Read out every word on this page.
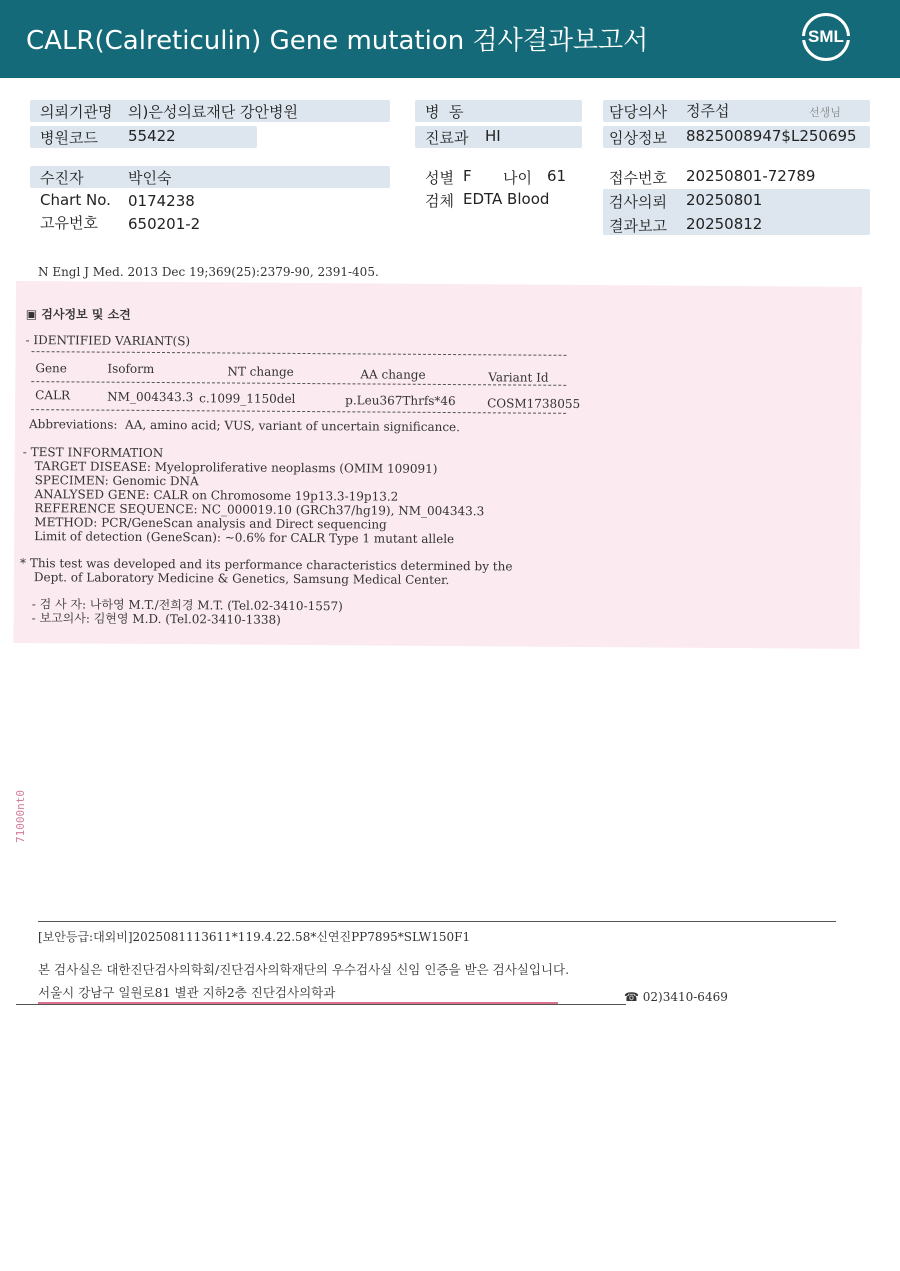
CALR(Calreticulin) Gene mutation 검사결과보고서	SML
의뢰기관명 의)은성의료재단 강안병원
병원코드 55422
병  동
진료과 HI
담당의사 정주섭	선생님
임상정보 8825008947$L250695
수진자	박인숙
Chart No. 0174238
고유번호 650201-2
성별 F 나이 61
검체 EDTA Blood
접수번호 20250801-72789
검사의뢰 20250801
결과보고 20250812
N Engl J Med. 2013 Dec 19;369(25):2379-90, 2391-405.
▣ 검사정보 및 소견
- IDENTIFIED VARIANT(S)
Gene	Isoform	NT change	AA change	Variant Id
CALR	NM_004343.3 c.1099_1150del	p.Leu367Thrfs*46	COSM1738055
Abbreviations:  AA, amino acid; VUS, variant of uncertain significance.
- TEST INFORMATION
TARGET DISEASE: Myeloproliferative neoplasms (OMIM 109091)
SPECIMEN: Genomic DNA
ANALYSED GENE: CALR on Chromosome 19p13.3-19p13.2
REFERENCE SEQUENCE: NC_000019.10 (GRCh37/hg19), NM_004343.3
METHOD: PCR/GeneScan analysis and Direct sequencing
Limit of detection (GeneScan): ~0.6% for CALR Type 1 mutant allele
* This test was developed and its performance characteristics determined by the
Dept. of Laboratory Medicine & Genetics, Samsung Medical Center.
- 검 사 자: 나하영 M.T./전희경 M.T. (Tel.02-3410-1557)
- 보고의사: 김현영 M.D. (Tel.02-3410-1338)
71000nt0
[보안등급:대외비]2025081113611*119.4.22.58*신연진PP7895*SLW150F1
본 검사실은 대한진단검사의학회/진단검사의학재단의 우수검사실 신임 인증을 받은 검사실입니다.
서울시 강남구 일원로81 별관 지하2층 진단검사의학과	☎ 02)3410-6469
